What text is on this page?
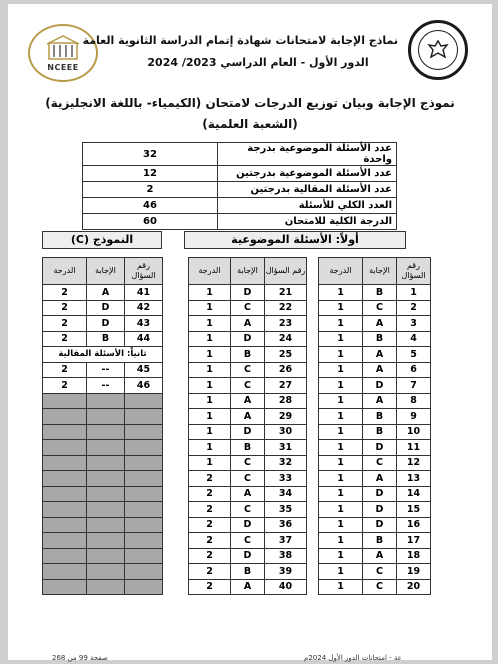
NCEEE
نماذج الإجابة لامتحانات شهادة إتمام الدراسة الثانوية العامة
الدور الأول - العام الدراسي 2023/ 2024
نموذج الإجابة وبيان توزيع الدرجات لامتحان (الكيمياء- باللغة الانجليزية)
(الشعبة العلمية)
32	عدد الأسئلة الموضوعية بدرجة واحدة
12	عدد الأسئلة الموضوعية بدرجتين
2	عدد الأسئلة المقالية بدرجتين
46	العدد الكلي للأسئلة
60	الدرجة الكلية للامتحان
أولاً: الأسئلة الموضوعية
النموذج (C)
الدرجة	الإجابة	رقم السؤال
1	B	1
1	C	2
1	A	3
1	B	4
1	A	5
1	A	6
1	D	7
1	A	8
1	B	9
1	B	10
1	D	11
1	C	12
1	A	13
1	D	14
1	D	15
1	D	16
1	B	17
1	A	18
1	C	19
1	C	20
الدرجة	الإجابة	رقم السؤال
1	D	21
1	C	22
1	A	23
1	D	24
1	B	25
1	C	26
1	C	27
1	A	28
1	A	29
1	D	30
1	B	31
1	C	32
2	C	33
2	A	34
2	C	35
2	D	36
2	C	37
2	D	38
2	B	39
2	A	40
الدرجة	الإجابة	رقم السؤال
2	A	41
2	D	42
2	D	43
2	B	44
ثانياً: الأسئلة المقالية		
2	--	45
2	--	46

صفحة 99 من 268	عة - امتحانات الدور الأول 2024م
